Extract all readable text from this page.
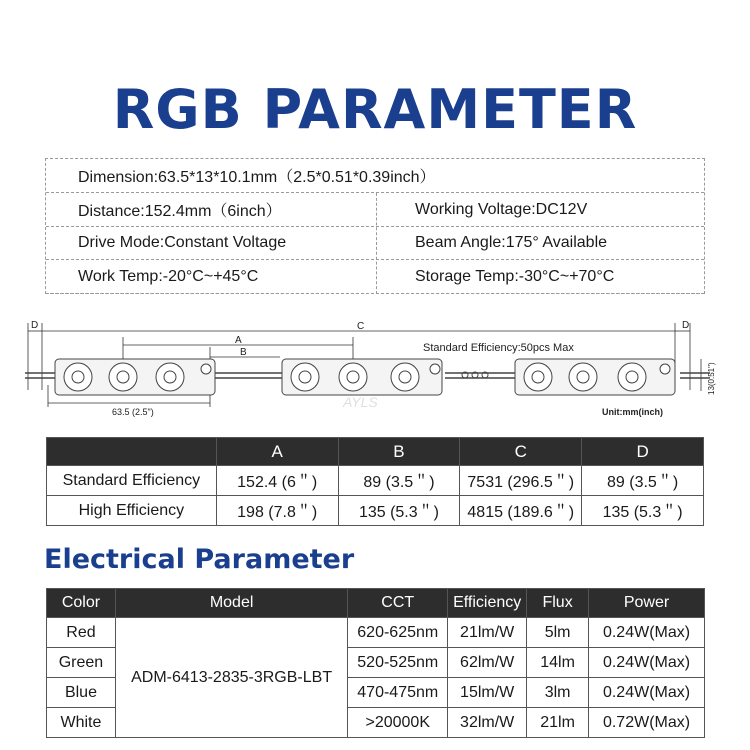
RGB PARAMETER
Dimension:63.5*13*10.1mm（2.5*0.51*0.39inch）
Distance:152.4mm（6inch）	Working Voltage:DC12V
Drive Mode:Constant Voltage	Beam Angle:175° Available
Work Temp:-20°C~+45°C	Storage Temp:-30°C~+70°C
D	D
C
A
B	Standard Efficiency:50pcs Max
63.5 (2.5")	Unit:mm(inch)
13(0.51")
AYLS
	A	B	C	D
Standard Efficiency	152.4 (6＂)	89 (3.5＂)	7531 (296.5＂)	89 (3.5＂)
High Efficiency	198 (7.8＂)	135 (5.3＂)	4815 (189.6＂)	135 (5.3＂)
Electrical Parameter
Color	Model	CCT	Efficiency	Flux	Power
Red	ADM-6413-2835-3RGB-LBT	620-625nm	21lm/W	5lm	0.24W(Max)
Green		520-525nm	62lm/W	14lm	0.24W(Max)
Blue		470-475nm	15lm/W	3lm	0.24W(Max)
White		>20000K	32lm/W	21lm	0.72W(Max)
